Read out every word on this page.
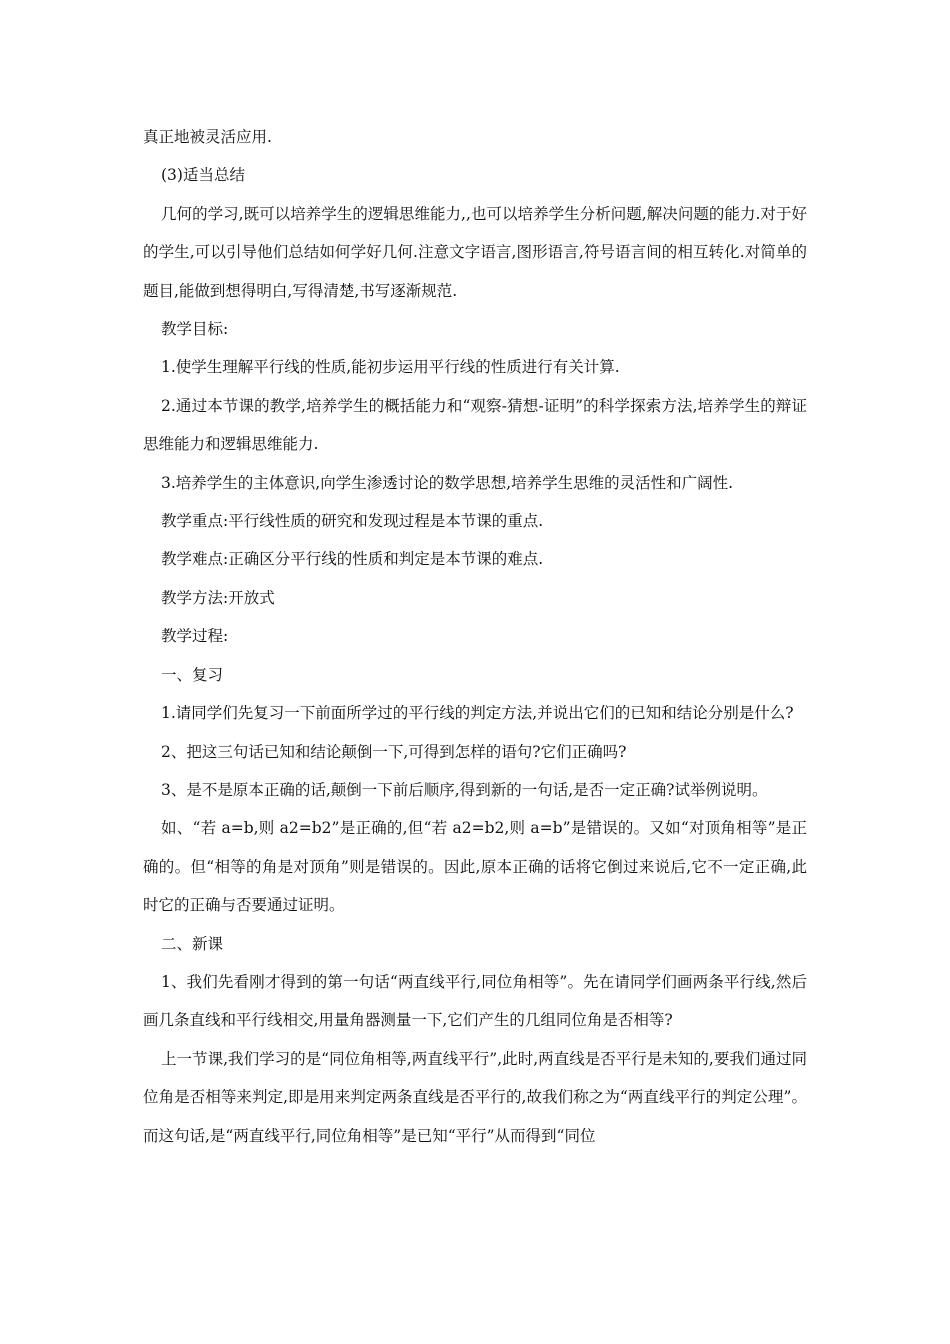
真正地被灵活应用.

(3)适当总结

几何的学习,既可以培养学生的逻辑思维能力,,也可以培养学生分析问题,解决问题的能力.对于好的学生,可以引导他们总结如何学好几何.注意文字语言,图形语言,符号语言间的相互转化.对简单的题目,能做到想得明白,写得清楚,书写逐渐规范.

教学目标:

1.使学生理解平行线的性质,能初步运用平行线的性质进行有关计算.

2.通过本节课的教学,培养学生的概括能力和“观察-猜想-证明”的科学探索方法,培养学生的辩证思维能力和逻辑思维能力.

3.培养学生的主体意识,向学生渗透讨论的数学思想,培养学生思维的灵活性和广阔性.

教学重点:平行线性质的研究和发现过程是本节课的重点.

教学难点:正确区分平行线的性质和判定是本节课的难点.

教学方法:开放式

教学过程:

一、复习

1.请同学们先复习一下前面所学过的平行线的判定方法,并说出它们的已知和结论分别是什么?

2、把这三句话已知和结论颠倒一下,可得到怎样的语句?它们正确吗?

3、是不是原本正确的话,颠倒一下前后顺序,得到新的一句话,是否一定正确?试举例说明。

如、“若 a=b,则 a2=b2”是正确的,但“若 a2=b2,则 a=b”是错误的。又如“对顶角相等”是正确的。但“相等的角是对顶角”则是错误的。因此,原本正确的话将它倒过来说后,它不一定正确,此时它的正确与否要通过证明。

二、新课

1、我们先看刚才得到的第一句话“两直线平行,同位角相等”。先在请同学们画两条平行线,然后画几条直线和平行线相交,用量角器测量一下,它们产生的几组同位角是否相等?

上一节课,我们学习的是“同位角相等,两直线平行”,此时,两直线是否平行是未知的,要我们通过同位角是否相等来判定,即是用来判定两条直线是否平行的,故我们称之为“两直线平行的判定公理”。而这句话,是“两直线平行,同位角相等”是已知“平行”从而得到“同位
